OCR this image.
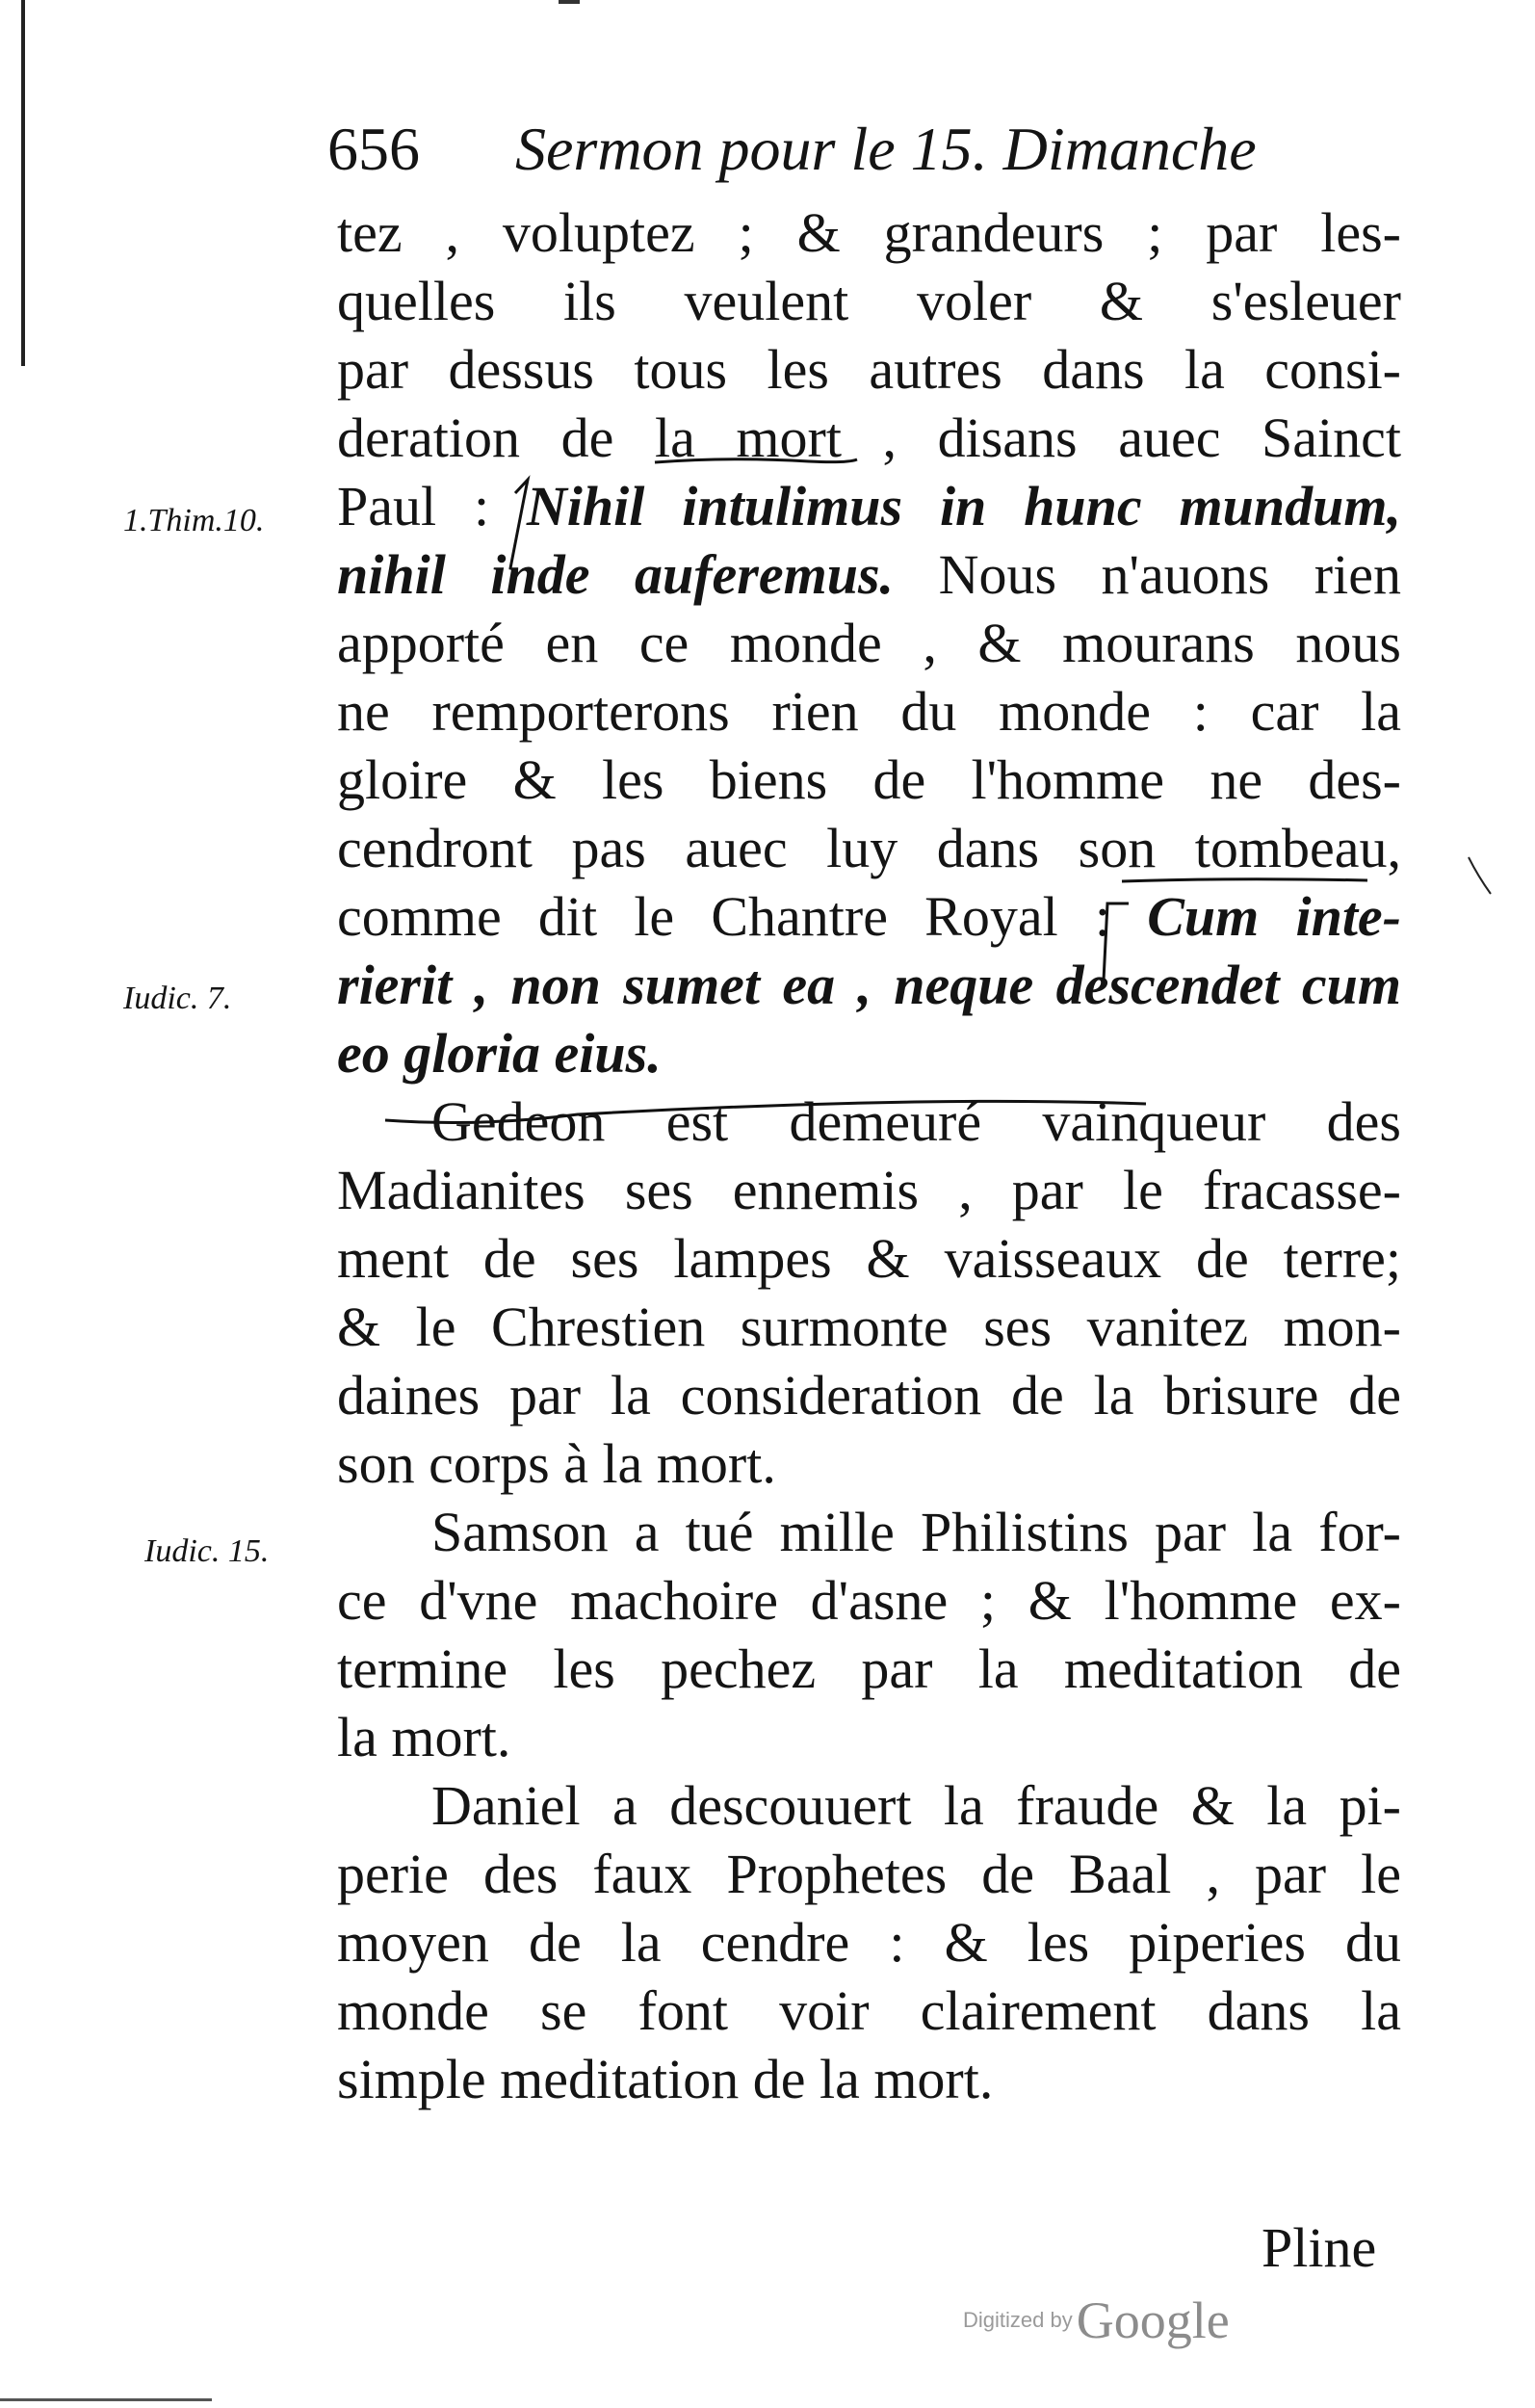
656 Sermon pour le 15. Dimanche
tez , voluptez ; & grandeurs ; par les-
quelles ils veulent voler & s'esleuer
par dessus tous les autres dans la consi-
deration de la mort , disans auec Sainct
Paul : Nihil intulimus in hunc mundum,
nihil inde auferemus. Nous n'auons rien
apporté en ce monde , & mourans nous
ne remporterons rien du monde : car la
gloire & les biens de l'homme ne des-
cendront pas auec luy dans son tombeau,
comme dit le Chantre Royal : Cum inte-
rierit , non sumet ea , neque descendet cum
eo gloria eius.
Gedeon est demeuré vainqueur des
Madianites ses ennemis , par le fracasse-
ment de ses lampes & vaisseaux de terre;
& le Chrestien surmonte ses vanitez mon-
daines par la consideration de la brisure de
son corps à la mort.
Samson a tué mille Philistins par la for-
ce d'vne machoire d'asne ; & l'homme ex-
termine les pechez par la meditation de
la mort.
Daniel a descouuert la fraude & la pi-
perie des faux Prophetes de Baal , par le
moyen de la cendre : & les piperies du
monde se font voir clairement dans la
simple meditation de la mort.
1.Thim.10.
Iudic. 7.
Iudic. 15.
Pline
Digitized by Google
